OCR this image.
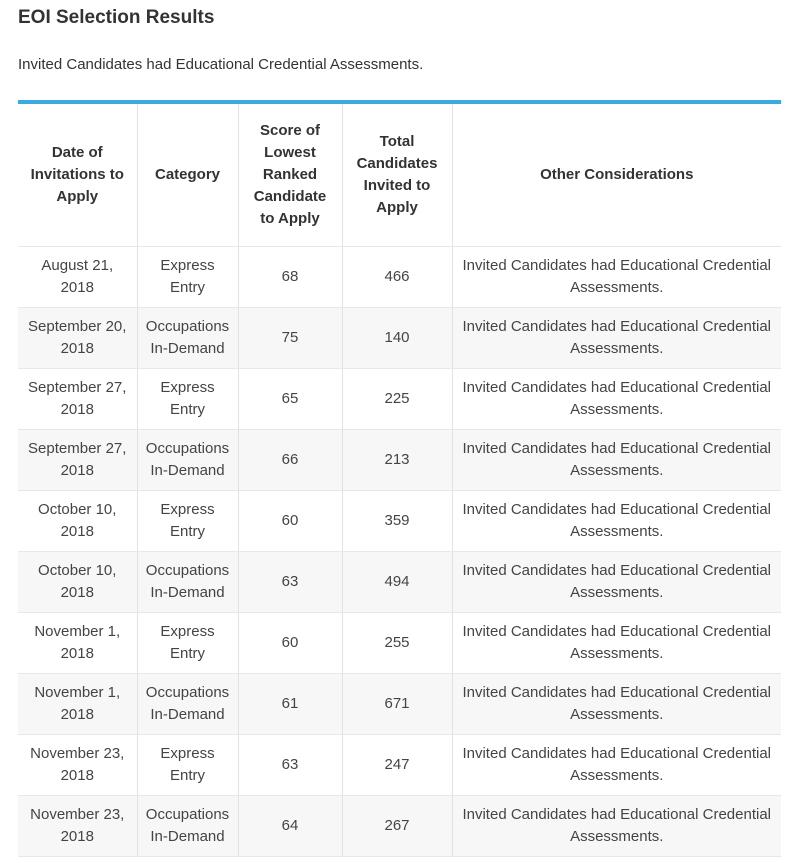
EOI Selection Results

Invited Candidates had Educational Credential Assessments.

Date of Invitations to Apply	Category	Score of Lowest Ranked Candidate to Apply	Total Candidates Invited to Apply	Other Considerations
August 21, 2018	Express Entry	68	466	Invited Candidates had Educational Credential Assessments.
September 20, 2018	Occupations In-Demand	75	140	Invited Candidates had Educational Credential Assessments.
September 27, 2018	Express Entry	65	225	Invited Candidates had Educational Credential Assessments.
September 27, 2018	Occupations In-Demand	66	213	Invited Candidates had Educational Credential Assessments.
October 10, 2018	Express Entry	60	359	Invited Candidates had Educational Credential Assessments.
October 10, 2018	Occupations In-Demand	63	494	Invited Candidates had Educational Credential Assessments.
November 1, 2018	Express Entry	60	255	Invited Candidates had Educational Credential Assessments.
November 1, 2018	Occupations In-Demand	61	671	Invited Candidates had Educational Credential Assessments.
November 23, 2018	Express Entry	63	247	Invited Candidates had Educational Credential Assessments.
November 23, 2018	Occupations In-Demand	64	267	Invited Candidates had Educational Credential Assessments.
